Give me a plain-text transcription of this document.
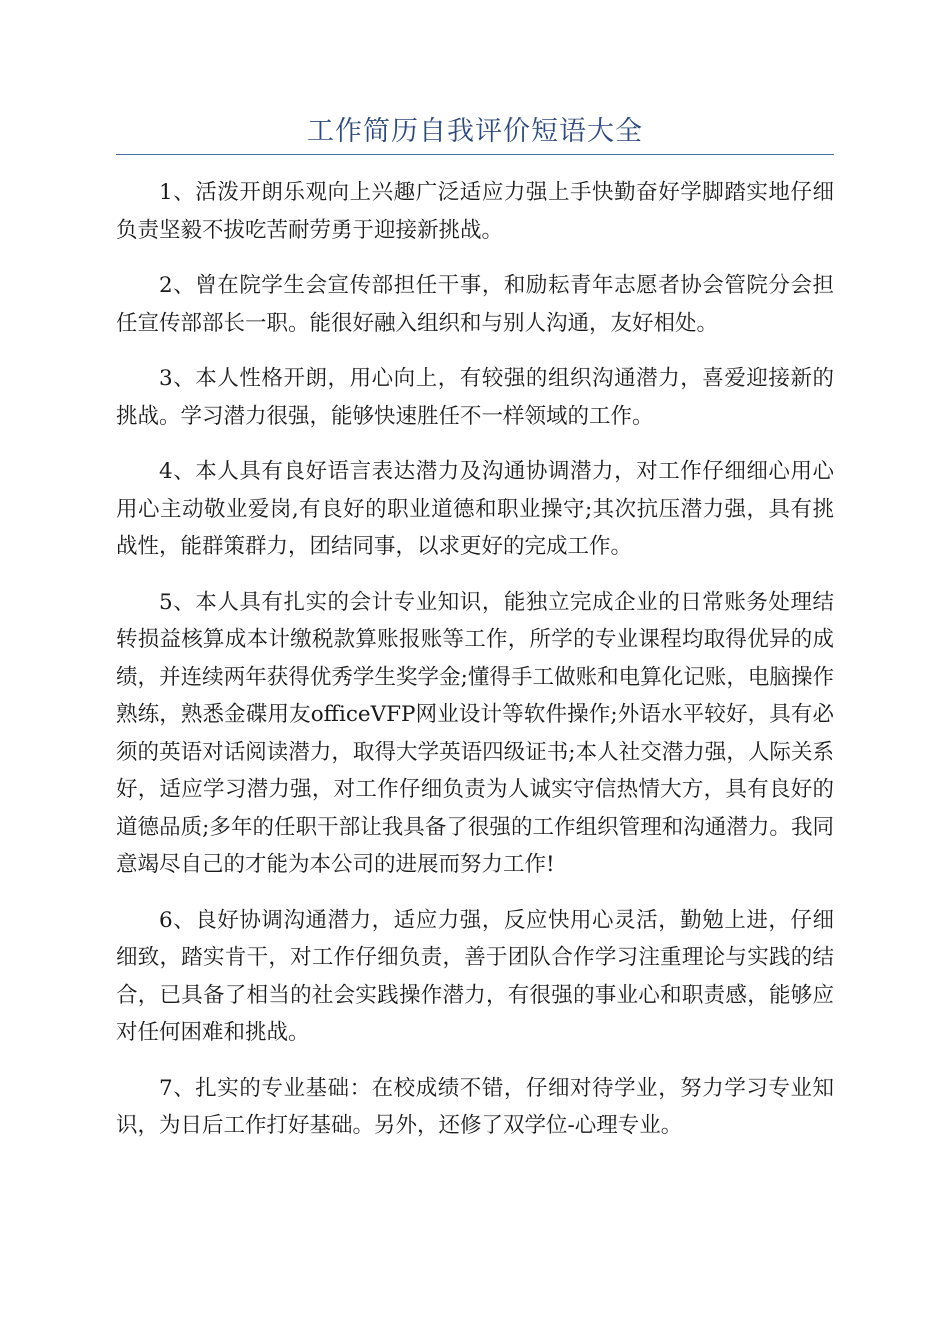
工作简历自我评价短语大全

1、活泼开朗乐观向上兴趣广泛适应力强上手快勤奋好学脚踏实地仔细负责坚毅不拔吃苦耐劳勇于迎接新挑战。

2、曾在院学生会宣传部担任干事，和励耘青年志愿者协会管院分会担任宣传部部长一职。能很好融入组织和与别人沟通，友好相处。

3、本人性格开朗，用心向上，有较强的组织沟通潜力，喜爱迎接新的挑战。学习潜力很强，能够快速胜任不一样领域的工作。

4、本人具有良好语言表达潜力及沟通协调潜力，对工作仔细细心用心用心主动敬业爱岗,有良好的职业道德和职业操守;其次抗压潜力强，具有挑战性，能群策群力，团结同事，以求更好的完成工作。

5、本人具有扎实的会计专业知识，能独立完成企业的日常账务处理结转损益核算成本计缴税款算账报账等工作，所学的专业课程均取得优异的成绩，并连续两年获得优秀学生奖学金;懂得手工做账和电算化记账，电脑操作熟练，熟悉金碟用友officeVFP网业设计等软件操作;外语水平较好，具有必须的英语对话阅读潜力，取得大学英语四级证书;本人社交潜力强，人际关系好，适应学习潜力强，对工作仔细负责为人诚实守信热情大方，具有良好的道德品质;多年的任职干部让我具备了很强的工作组织管理和沟通潜力。我同意竭尽自己的才能为本公司的进展而努力工作!

6、良好协调沟通潜力，适应力强，反应快用心灵活，勤勉上进，仔细细致，踏实肯干，对工作仔细负责，善于团队合作学习注重理论与实践的结合，已具备了相当的社会实践操作潜力，有很强的事业心和职责感，能够应对任何困难和挑战。

7、扎实的专业基础：在校成绩不错，仔细对待学业，努力学习专业知识，为日后工作打好基础。另外，还修了双学位-心理专业。
